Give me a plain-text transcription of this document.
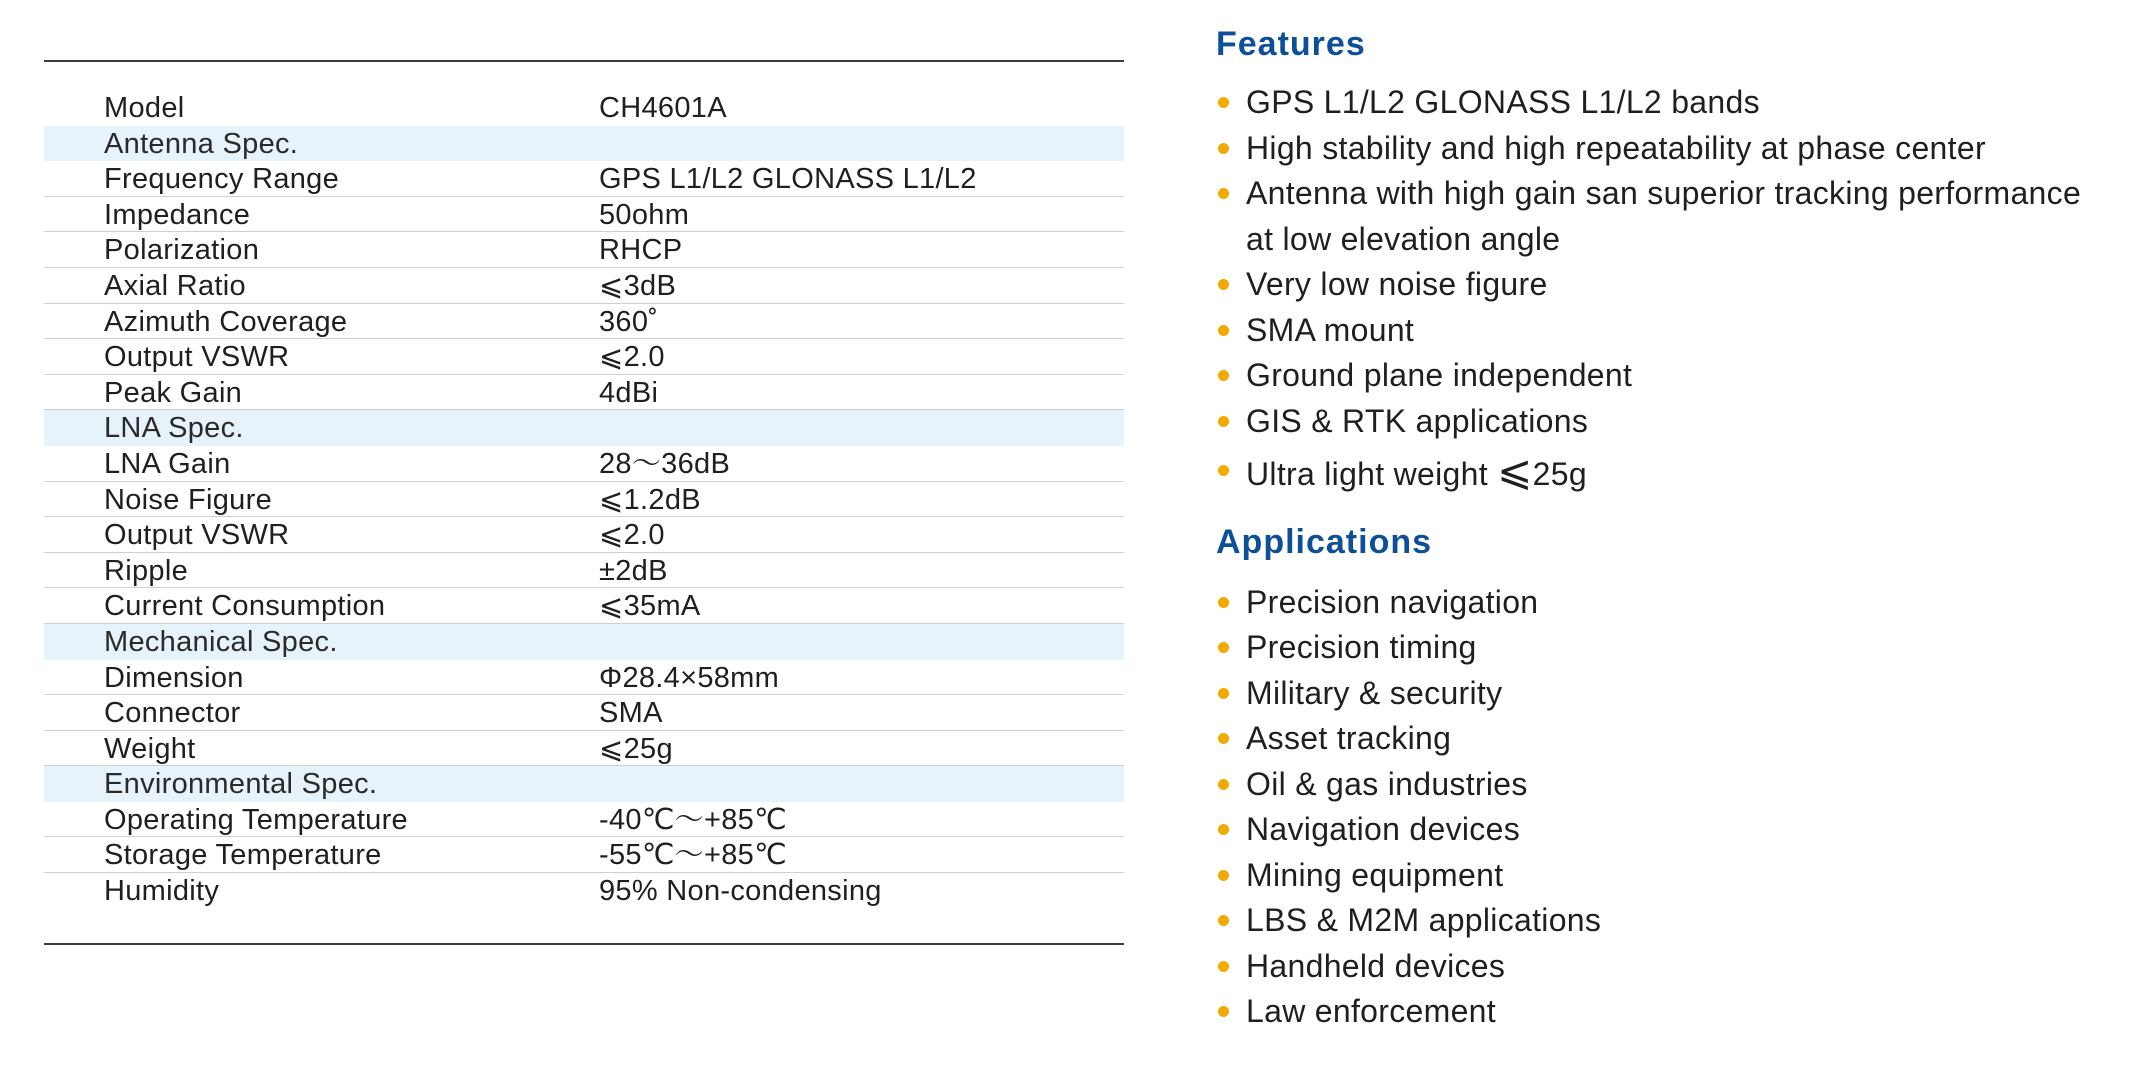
Model	CH4601A
Antenna Spec.
Frequency Range	GPS L1/L2 GLONASS L1/L2
Impedance	50ohm
Polarization	RHCP
Axial Ratio	⩽3dB
Azimuth Coverage	360˚
Output VSWR	⩽2.0
Peak Gain	4dBi
LNA Spec.
LNA Gain	28～36dB
Noise Figure	⩽1.2dB
Output VSWR	⩽2.0
Ripple	±2dB
Current Consumption	⩽35mA
Mechanical Spec.
Dimension	Φ28.4×58mm
Connector	SMA
Weight	⩽25g
Environmental Spec.
Operating Temperature	-40℃～+85℃
Storage Temperature	-55℃～+85℃
Humidity	95% Non-condensing
Features
GPS L1/L2 GLONASS L1/L2 bands
High stability and high repeatability at phase center
Antenna with high gain san superior tracking performance
at low elevation angle
Very low noise figure
SMA mount
Ground plane independent
GIS & RTK applications
Ultra light weight ⩽25g
Applications
Precision navigation
Precision timing
Military & security
Asset tracking
Oil & gas industries
Navigation devices
Mining equipment
LBS & M2M applications
Handheld devices
Law enforcement
